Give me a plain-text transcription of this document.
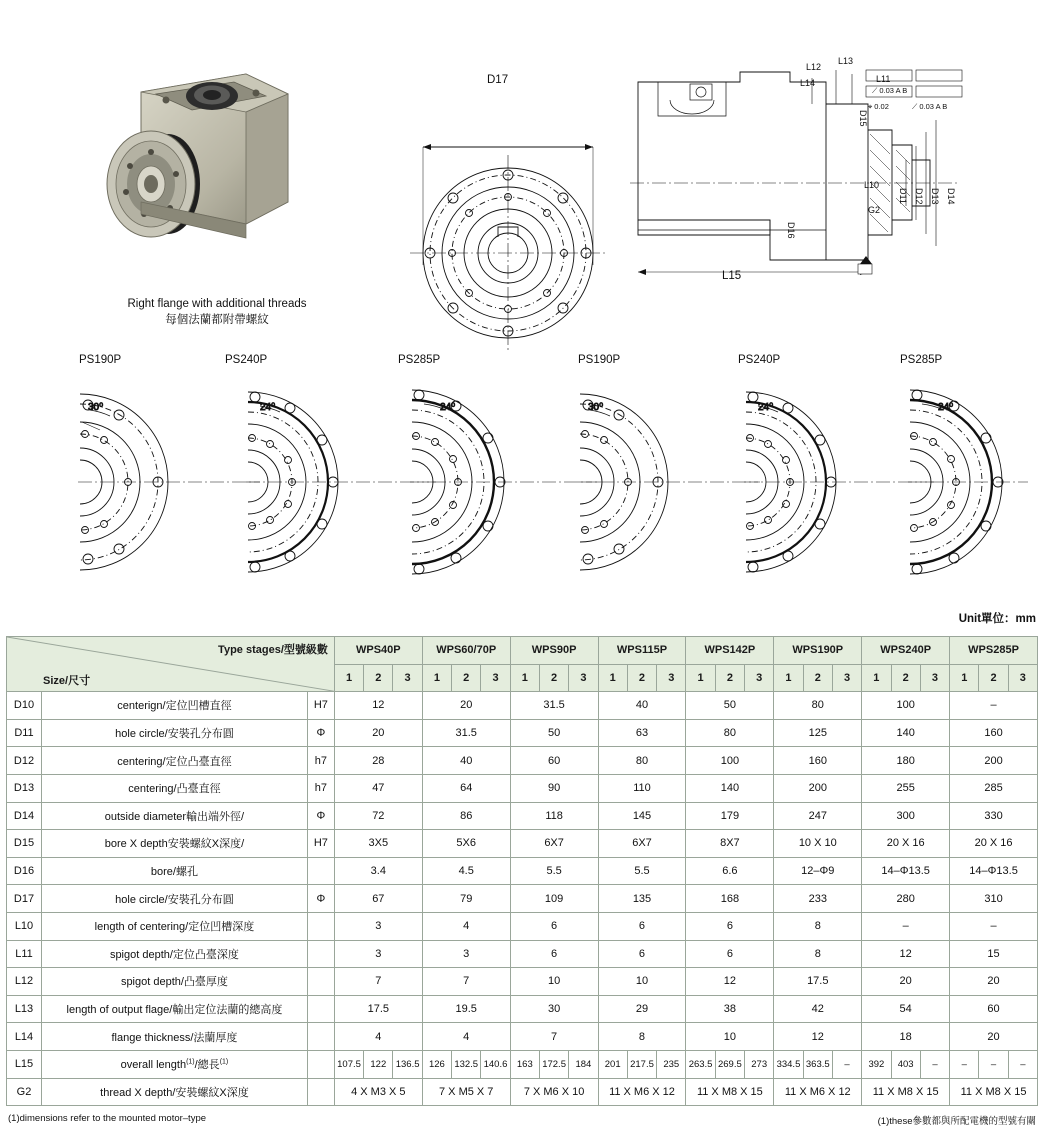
Right flange with additional threads
每個法蘭都附帶螺紋
D17
L12
L13
L14	L11
⟋ 0.03 A B
⌖ 0.02	⟋ 0.03 A B
D15
D16
L10
D11 D12 D13 D14
G2
L15
PS190P	PS240P	PS285P	PS190P	PS240P	PS285P
30⁰	24⁰	24⁰	30⁰	24⁰	24⁰
Unit單位：mm
Type stages/型號級數
Size/尺寸			WPS40P			WPS60/70P			WPS90P			WPS115P			WPS142P			WPS190P			WPS240P			WPS285P		
			1	2	3	1	2	3	1	2	3	1	2	3	1	2	3	1	2	3	1	2	3	1	2	3
D10	centerign/定位凹槽直徑	H7	12			20			31.5			40			50			80			100			–		
D11	hole circle/安裝孔分布圓	Φ	20			31.5			50			63			80			125			140			160		
D12	centering/定位凸臺直徑	h7	28			40			60			80			100			160			180			200		
D13	centering/凸臺直徑	h7	47			64			90			110			140			200			255			285		
D14	outside diameter輸出端外徑/	Φ	72			86			118			145			179			247			300			330		
D15	bore X depth安裝螺紋X深度/	H7	3X5			5X6			6X7			6X7			8X7			10 X 10			20 X 16			20 X 16		
D16	bore/螺孔		3.4			4.5			5.5			5.5			6.6			12–Φ9			14–Φ13.5			14–Φ13.5		
D17	hole circle/安裝孔分布圓	Φ	67			79			109			135			168			233			280			310		
L10	length of centering/定位凹槽深度		3			4			6			6			6			8			–			–		
L11	spigot depth/定位凸臺深度		3			3			6			6			6			8			12			15		
L12	spigot depth/凸臺厚度		7			7			10			10			12			17.5			20			20		
L13	length of output flage/輸出定位法蘭的總高度		17.5			19.5			30			29			38			42			54			60		
L14	flange thickness/法蘭厚度		4			4			7			8			10			12			18			20		
L15	overall length$^{(1)}$/總長$^{(1)}$		107.5	122	136.5	126	132.5	140.6	163	172.5	184	201	217.5	235	263.5	269.5	273	334.5	363.5	–	392	403	–	–	–	–
G2	thread X depth/安裝螺紋X深度		4 X M3 X 5			7 X M5 X 7			7 X M6 X 10			11 X M6 X 12			11 X M8 X 15			11 X M6 X 12			11 X M8 X 15			11 X M8 X 15		
(1)dimensions refer to the mounted motor–type	(1)these參數都與所配電機的型號有關
